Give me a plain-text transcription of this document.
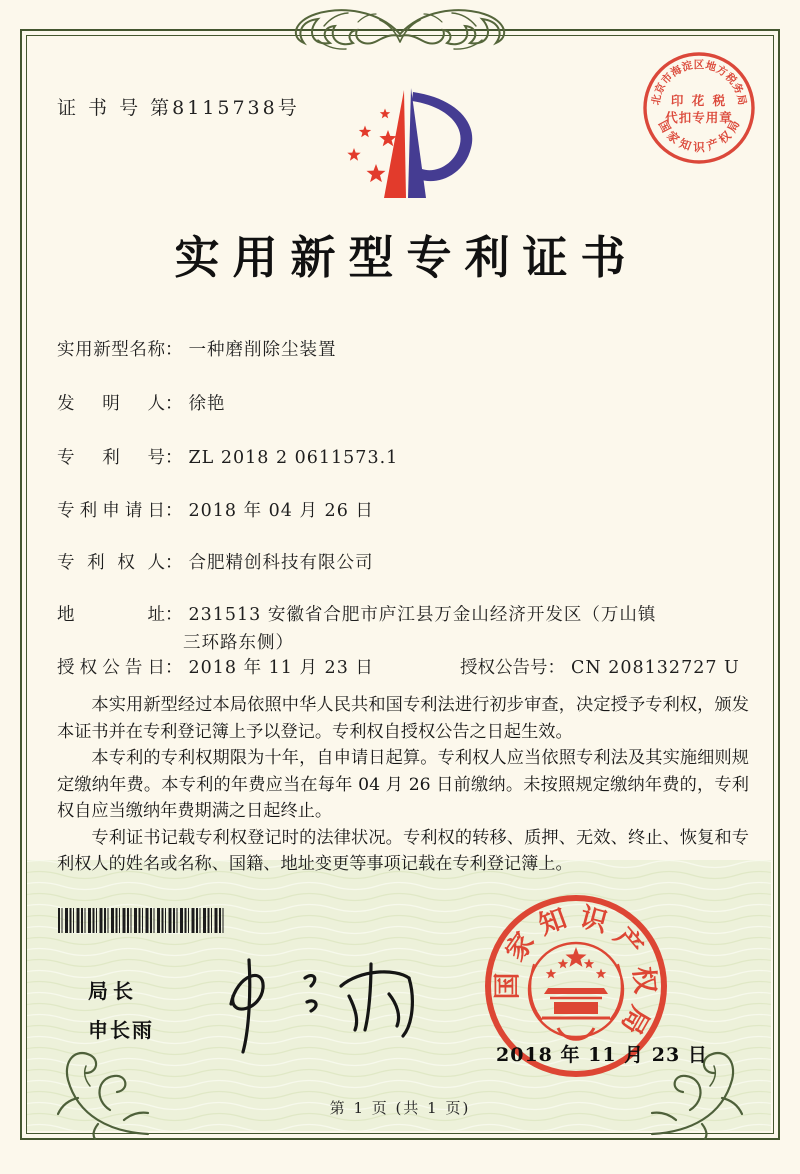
证 书 号 第8115738号	北
京
市
海
淀 区 地
方
税
务
局
印 花 税
代扣专用章
国
家
知 识 产
权
局
实用新型专利证书
实用新型名称： 一种磨削除尘装置
发明人： 徐艳
专利号： ZL 2018 2 0611573.1
专利申请日： 2018 年 04 月 26 日
专利权人： 合肥精创科技有限公司
地址： 231513 安徽省合肥市庐江县万金山经济开发区（万山镇
三环路东侧）
授权公告日： 2018 年 11 月 23 日	授权公告号： CN 208132727 U

本实用新型经过本局依照中华人民共和国专利法进行初步审查，决定授予专利权，颁发本证书并在专利登记簿上予以登记。专利权自授权公告之日起生效。

本专利的专利权期限为十年，自申请日起算。专利权人应当依照专利法及其实施细则规定缴纳年费。本专利的年费应当在每年 04 月 26 日前缴纳。未按照规定缴纳年费的，专利权自应当缴纳年费期满之日起终止。

专利证书记载专利权登记时的法律状况。专利权的转移、质押、无效、终止、恢复和专利权人的姓名或名称、国籍、地址变更等事项记载在专利登记簿上。

局长
申长雨
国
家
知 识
产
权
局
2018 年 11 月 23 日
第 1 页 (共 1 页)
